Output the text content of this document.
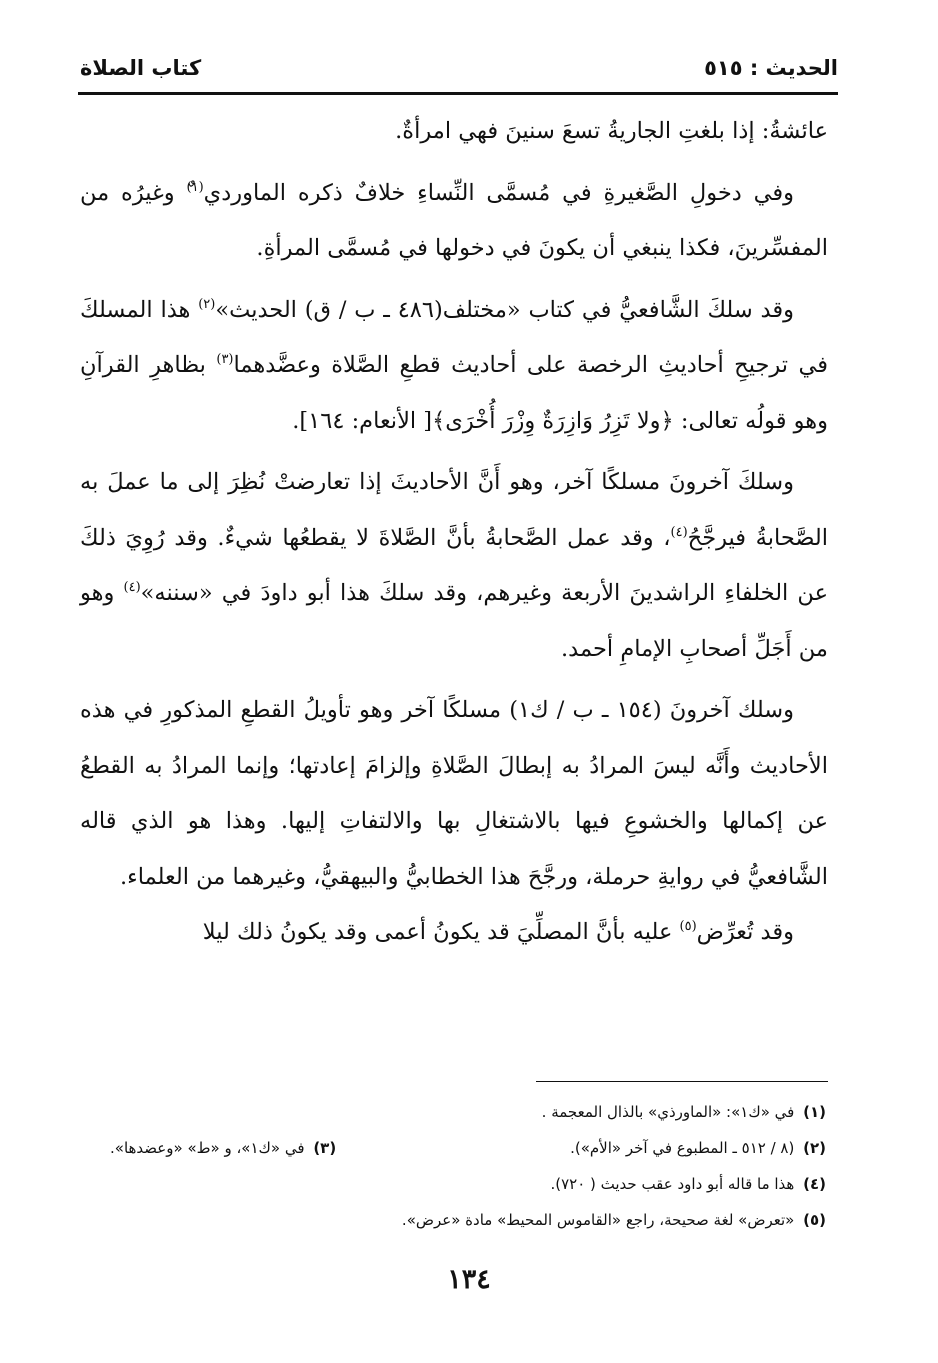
الحديث : ٥١٥
كتاب الصلاة

عائشةُ: إذا بلغتِ الجاريةُ تسعَ سنينَ فهي امرأةٌ.

وفي دخولِ الصَّغيرةِ في مُسمَّى النِّساءِ خلافٌ ذكره الماوردي$^{(١)}$ٌ وغيرُه من المفسِّرينَ، فكذا ينبغي أن يكونَ في دخولها في مُسمَّى المرأةِ.

وقد سلكَ الشَّافعيُّ في كتاب «مختلف(٤٨٦ ـ ب / ق) الحديث»$^{(٢)}$ هذا المسلكَ في ترجيحِ أحاديثِ الرخصة على أحاديث قطعِ الصَّلاة وعضَّدهما$^{(٣)}$ بظاهرِ القرآنِ وهو قولُه تعالى: ﴿ولا تَزِرُ وَازِرَةٌ وِزْرَ أُخْرَى﴾[ الأنعام: ١٦٤].

وسلكَ آخرونَ مسلكًا آخر، وهو أَنَّ الأحاديثَ إذا تعارضتْ نُظِرَ إلى ما عملَ به الصَّحابةُ فيرجَّحُ$^{(٤)}$، وقد عمل الصَّحابةُ بأنَّ الصَّلاةَ لا يقطعُها شيءٌ. وقد رُوِيَ ذلكَ عن الخلفاءِ الراشدينَ الأربعة وغيرهم، وقد سلكَ هذا أبو داودَ في «سننه»$^{(٤)}$ وهو من أَجَلِّ أصحابِ الإمامِ أحمد.

وسلك آخرونَ (١٥٤ ـ ب / ك١) مسلكًا آخر وهو تأويلُ القطعِ المذكورِ في هذه الأحاديث وأَنَّه ليسَ المرادُ به إبطالَ الصَّلاةِ وإلزامَ إعادتها؛ وإنما المرادُ به القطعُ عن إكمالها والخشوعِ فيها بالاشتغالِ بها والالتفاتِ إليها. وهذا هو الذي قاله الشَّافعيُّ في روايةِ حرملة، ورجَّحَ هذا الخطابيُّ والبيهقيُّ، وغيرهما من العلماء.

وقد تُعرِّض$^{(٥)}$ عليه بأنَّ المصلِّيَ قد يكونُ أعمى وقد يكونُ ذلك ليلا

(١) في «ك١»: «الماورذي» بالذال المعجمة .
(٢) (٨ / ٥١٢ ـ المطبوع في آخر «الأم»).
(٣) في «ك١»، و «ط» «وعضدها».
(٤) هذا ما قاله أبو داود عقب حديث ( ٧٢٠).
(٥) «تعرض» لغة صحيحة، راجع «القاموس المحيط» مادة «عرض».
١٣٤
